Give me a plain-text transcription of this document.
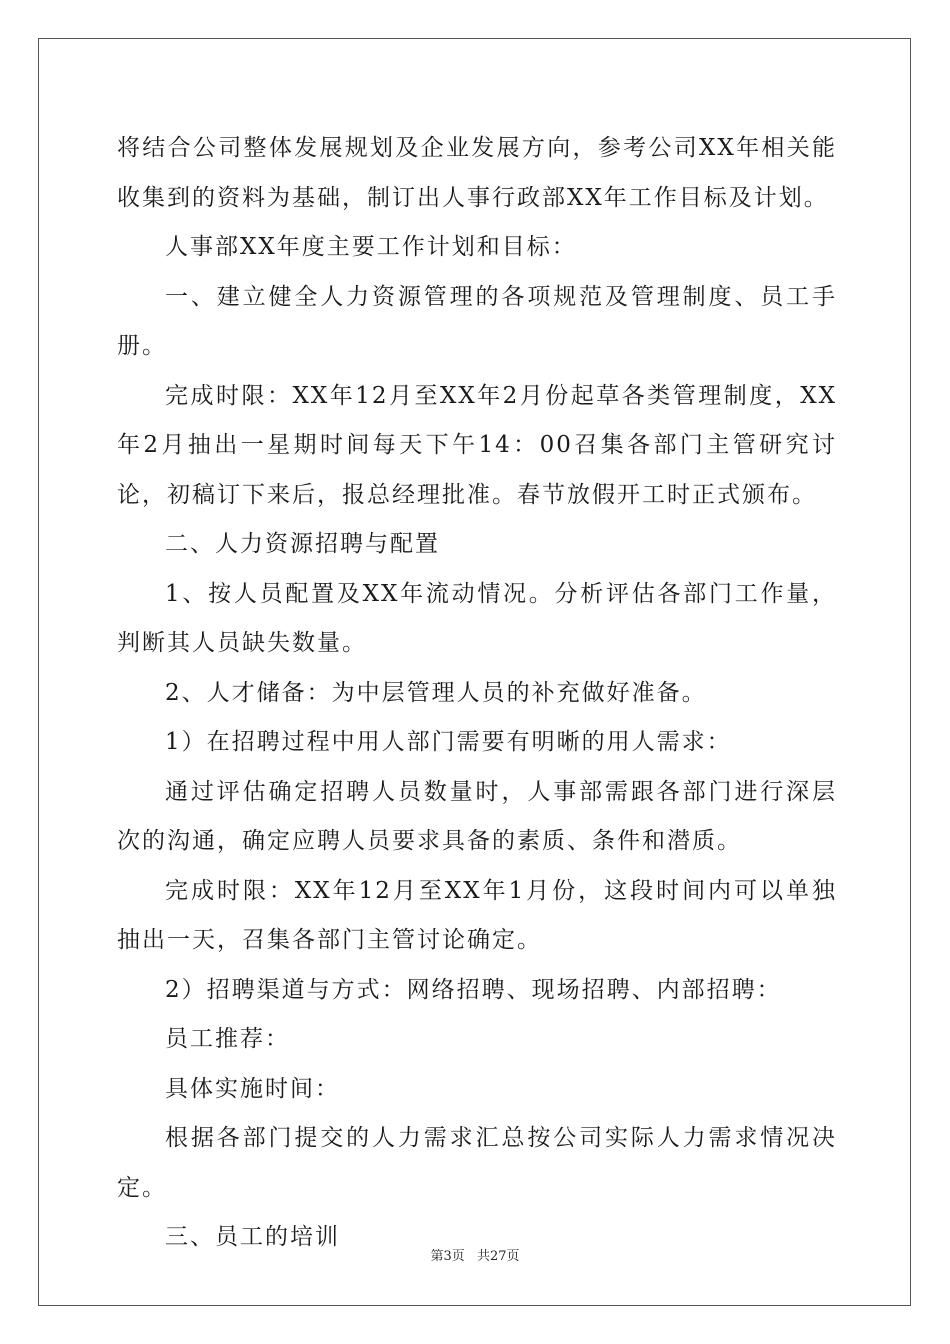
将结合公司整体发展规划及企业发展方向，参考公司XX年相关能收集到的资料为基础，制订出人事行政部XX年工作目标及计划。

人事部XX年度主要工作计划和目标：

一、建立健全人力资源管理的各项规范及管理制度、员工手册。

完成时限：XX年12月至XX年2月份起草各类管理制度，XX年2月抽出一星期时间每天下午14：00召集各部门主管研究讨论，初稿订下来后，报总经理批准。春节放假开工时正式颁布。

二、人力资源招聘与配置

1、按人员配置及XX年流动情况。分析评估各部门工作量，判断其人员缺失数量。

2、人才储备：为中层管理人员的补充做好准备。

1）在招聘过程中用人部门需要有明晰的用人需求：

通过评估确定招聘人员数量时，人事部需跟各部门进行深层次的沟通，确定应聘人员要求具备的素质、条件和潜质。

完成时限：XX年12月至XX年1月份，这段时间内可以单独抽出一天，召集各部门主管讨论确定。

2）招聘渠道与方式：网络招聘、现场招聘、内部招聘：

员工推荐：

具体实施时间：

根据各部门提交的人力需求汇总按公司实际人力需求情况决定。

三、员工的培训

第3页 共27页
